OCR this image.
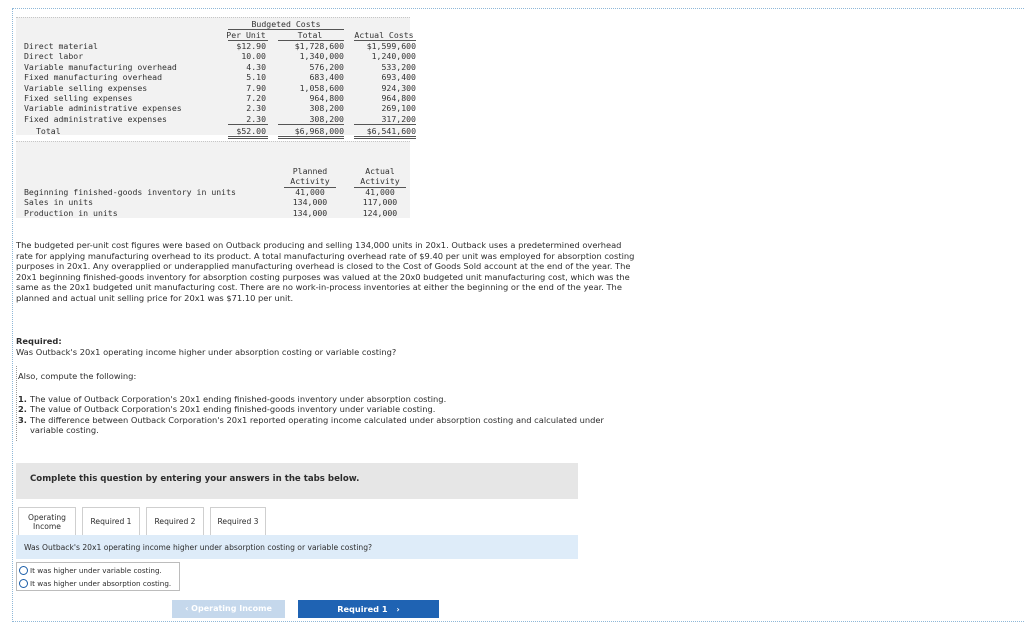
Budgeted Costs
Per Unit	Total	Actual Costs
Direct material	$12.90	$1,728,600	$1,599,600
Direct labor	10.00	1,340,000	1,240,000
Variable manufacturing overhead	4.30	576,200	533,200
Fixed manufacturing overhead	5.10	683,400	693,400
Variable selling expenses	7.90	1,058,600	924,300
Fixed selling expenses	7.20	964,800	964,800
Variable administrative expenses	2.30	308,200	269,100
Fixed administrative expenses	2.30	308,200	317,200
Total	$52.00	$6,968,000	$6,541,600
Planned	Actual
Activity	Activity
Beginning finished-goods inventory in units	41,000	41,000
Sales in units	134,000	117,000
Production in units	134,000	124,000
The budgeted per-unit cost figures were based on Outback producing and selling 134,000 units in 20x1. Outback uses a predetermined overhead rate for applying manufacturing overhead to its product. A total manufacturing overhead rate of $9.40 per unit was employed for absorption costing purposes in 20x1. Any overapplied or underapplied manufacturing overhead is closed to the Cost of Goods Sold account at the end of the year. The 20x1 beginning finished-goods inventory for absorption costing purposes was valued at the 20x0 budgeted unit manufacturing cost, which was the same as the 20x1 budgeted unit manufacturing cost. There are no work-in-process inventories at either the beginning or the end of the year. The planned and actual unit selling price for 20x1 was $71.10 per unit.
Required:
Was Outback's 20x1 operating income higher under absorption costing or variable costing?
Also, compute the following:
1. The value of Outback Corporation's 20x1 ending finished-goods inventory under absorption costing.
2. The value of Outback Corporation's 20x1 ending finished-goods inventory under variable costing.
3. The difference between Outback Corporation's 20x1 reported operating income calculated under absorption costing and calculated under variable costing.
Complete this question by entering your answers in the tabs below.
Operating
Income
Required 1	Required 2	Required 3
Was Outback's 20x1 operating income higher under absorption costing or variable costing?
It was higher under variable costing.
It was higher under absorption costing.
‹ Operating Income	Required 1 ›
